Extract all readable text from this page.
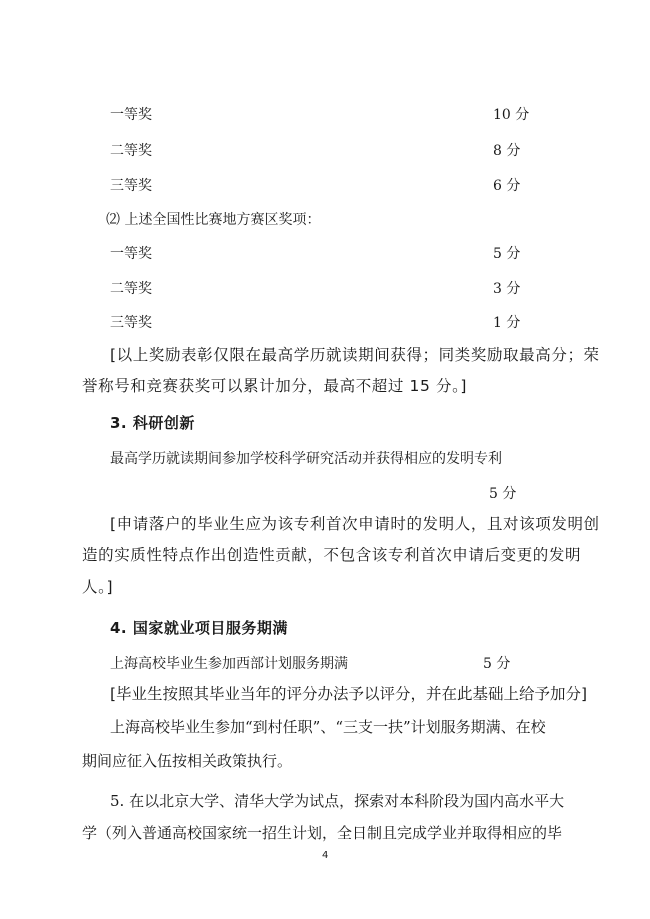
一等奖	10 分
二等奖	8 分
三等奖	6 分
⑵ 上述全国性比赛地方赛区奖项：
一等奖	5 分
二等奖	3 分
三等奖	1 分
[以上奖励表彰仅限在最高学历就读期间获得；同类奖励取最高分；荣
誉称号和竞赛获奖可以累计加分，最高不超过 15 分。]
3. 科研创新
最高学历就读期间参加学校科学研究活动并获得相应的发明专利
5 分
[申请落户的毕业生应为该专利首次申请时的发明人，且对该项发明创
造的实质性特点作出创造性贡献，不包含该专利首次申请后变更的发明
人。]
4. 国家就业项目服务期满
上海高校毕业生参加西部计划服务期满	5 分
[毕业生按照其毕业当年的评分办法予以评分，并在此基础上给予加分]
上海高校毕业生参加“到村任职”、“三支一扶”计划服务期满、在校
期间应征入伍按相关政策执行。
5. 在以北京大学、清华大学为试点，探索对本科阶段为国内高水平大
学（列入普通高校国家统一招生计划，全日制且完成学业并取得相应的毕
4
